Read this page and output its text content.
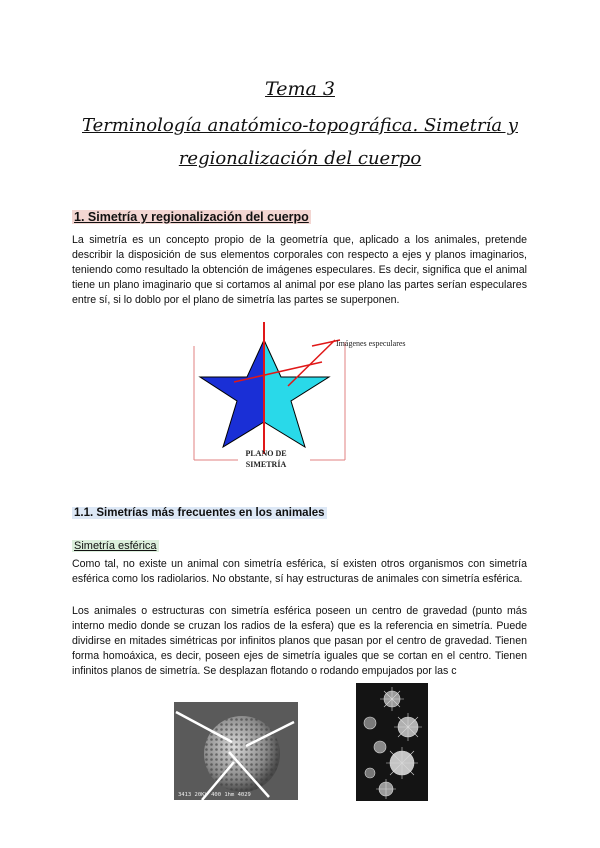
Tema 3
Terminología anatómico-topográfica. Simetría y
regionalización del cuerpo
1. Simetría y regionalización del cuerpo

La simetría es un concepto propio de la geometría que, aplicado a los animales, pretende describir la disposición de sus elementos corporales con respecto a ejes y planos imaginarios, teniendo como resultado la obtención de imágenes especulares. Es decir, significa que el animal tiene un plano imaginario que si cortamos al animal por ese plano las partes serían especulares entre sí, si lo doblo por el plano de simetría las partes se superponen.

Imágenes especulares
PLANO DE
SIMETRÍA
1.1. Simetrías más frecuentes en los animales
Simetría esférica

Como tal, no existe un animal con simetría esférica, sí existen otros organismos con simetría esférica como los radiolarios. No obstante, sí hay estructuras de animales con simetría esférica.

Los animales o estructuras con simetría esférica poseen un centro de gravedad (punto más interno medio donde se cruzan los radios de la esfera) que es la referencia en simetría. Puede dividirse en mitades simétricas por infinitos planos que pasan por el centro de gravedad. Tienen forma homoáxica, es decir, poseen ejes de simetría iguales que se cortan en el centro. Tienen infinitos planos de simetría. Se desplazan flotando o rodando empujados por las c

3413 20KV 400 1hm 4029
